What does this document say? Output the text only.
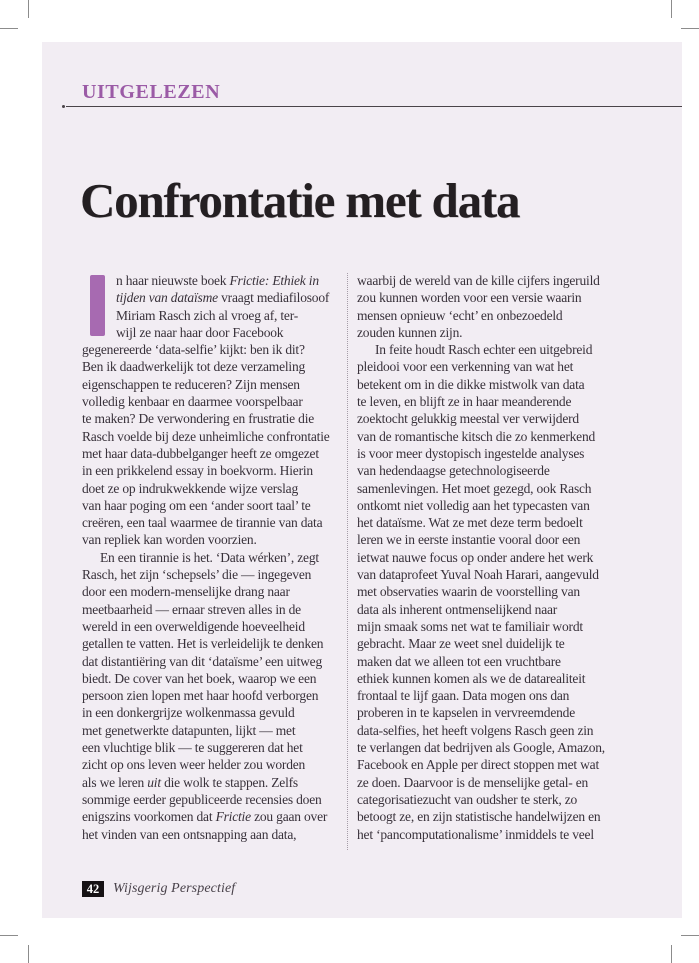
UITGELEZEN
Confrontatie met data
n haar nieuwste boek Frictie: Ethiek in
tijden van dataïsme vraagt mediafilosoof
Miriam Rasch zich al vroeg af, ter-
wijl ze naar haar door Facebook
gegenereerde ‘data-selfie’ kijkt: ben ik dit?
Ben ik daadwerkelijk tot deze verzameling
eigenschappen te reduceren? Zijn mensen
volledig kenbaar en daarmee voorspelbaar
te maken? De verwondering en frustratie die
Rasch voelde bij deze unheimliche confrontatie
met haar data-dubbelganger heeft ze omgezet
in een prikkelend essay in boekvorm. Hierin
doet ze op indrukwekkende wijze verslag
van haar poging om een ‘ander soort taal’ te
creëren, een taal waarmee de tirannie van data
van repliek kan worden voorzien.
En een tirannie is het. ‘Data wérken’, zegt
Rasch, het zijn ‘schepsels’ die — ingegeven
door een modern-menselijke drang naar
meetbaarheid — ernaar streven alles in de
wereld in een overweldigende hoeveelheid
getallen te vatten. Het is verleidelijk te denken
dat distantiëring van dit ‘dataïsme’ een uitweg
biedt. De cover van het boek, waarop we een
persoon zien lopen met haar hoofd verborgen
in een donkergrijze wolkenmassa gevuld
met genetwerkte datapunten, lijkt — met
een vluchtige blik — te suggereren dat het
zicht op ons leven weer helder zou worden
als we leren uit die wolk te stappen. Zelfs
sommige eerder gepubliceerde recensies doen
enigszins voorkomen dat Frictie zou gaan over
het vinden van een ontsnapping aan data,
waarbij de wereld van de kille cijfers ingeruild
zou kunnen worden voor een versie waarin
mensen opnieuw ‘echt’ en onbezoedeld
zouden kunnen zijn.
In feite houdt Rasch echter een uitgebreid
pleidooi voor een verkenning van wat het
betekent om in die dikke mistwolk van data
te leven, en blijft ze in haar meanderende
zoektocht gelukkig meestal ver verwijderd
van de romantische kitsch die zo kenmerkend
is voor meer dystopisch ingestelde analyses
van hedendaagse getechnologiseerde
samenlevingen. Het moet gezegd, ook Rasch
ontkomt niet volledig aan het typecasten van
het dataïsme. Wat ze met deze term bedoelt
leren we in eerste instantie vooral door een
ietwat nauwe focus op onder andere het werk
van dataprofeet Yuval Noah Harari, aangevuld
met observaties waarin de voorstelling van
data als inherent ontmenselijkend naar
mijn smaak soms net wat te familiair wordt
gebracht. Maar ze weet snel duidelijk te
maken dat we alleen tot een vruchtbare
ethiek kunnen komen als we de datarealiteit
frontaal te lijf gaan. Data mogen ons dan
proberen in te kapselen in vervreemdende
data-selfies, het heeft volgens Rasch geen zin
te verlangen dat bedrijven als Google, Amazon,
Facebook en Apple per direct stoppen met wat
ze doen. Daarvoor is de menselijke getal- en
categorisatiezucht van oudsher te sterk, zo
betoogt ze, en zijn statistische handelwijzen en
het ‘pancomputationalisme’ inmiddels te veel
42 Wijsgerig Perspectief
